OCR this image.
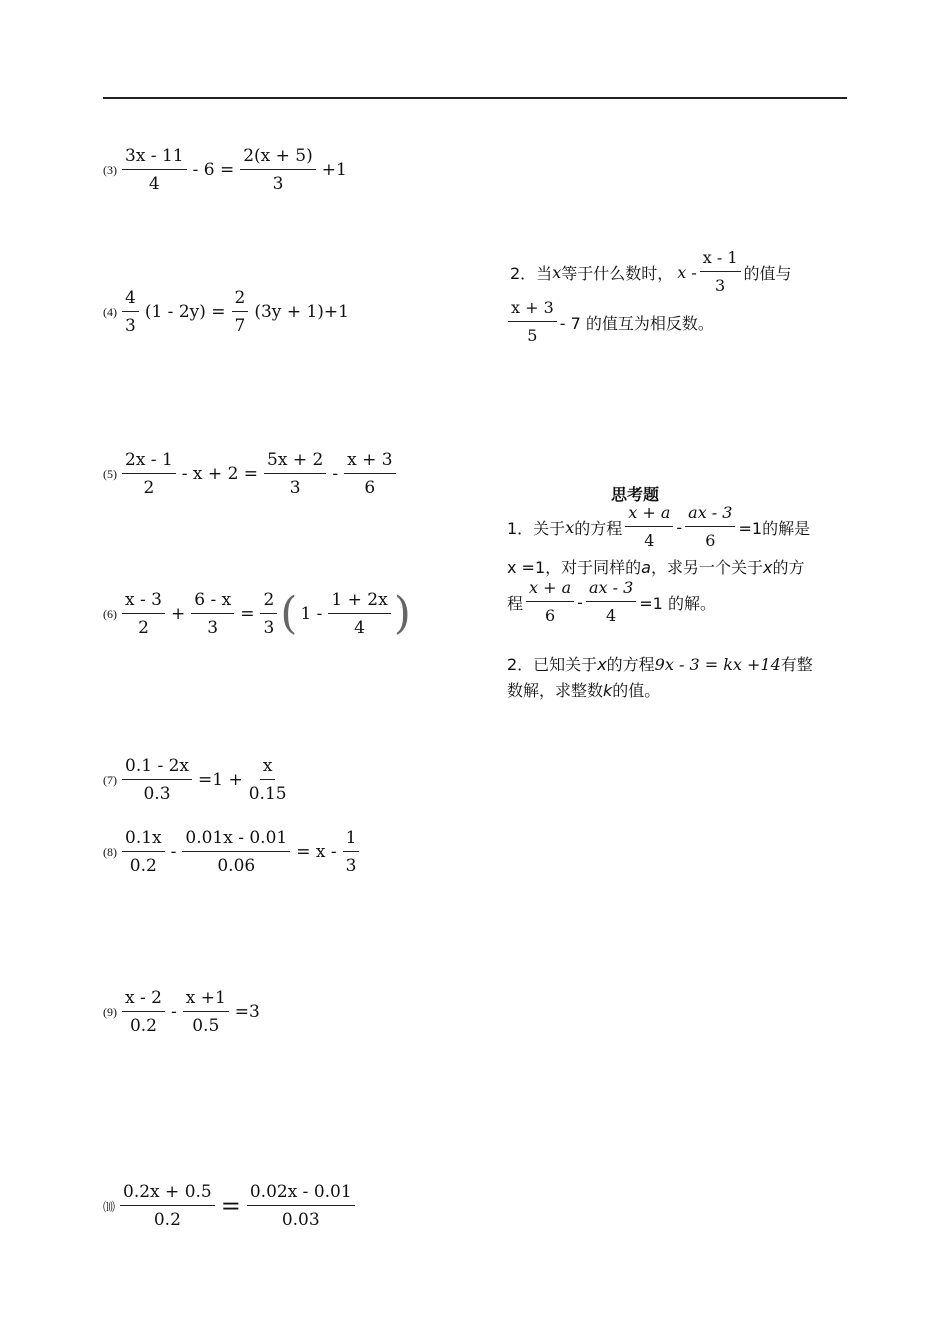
$(3) \frac{3x - 11}{4} - 6 = \frac{2(x + 5)}{3} +1$
$(4) \frac{4}{3} (1 - 2y) = \frac{2}{7} (3y + 1)+1$
$(5) \frac{2x - 1}{2} - x + 2 = \frac{5x + 2}{3} - \frac{x + 3}{6}$
$(6) \frac{x - 3}{2} + \frac{6 - x}{3} = \frac{2}{3}$ ( $1 - \frac{1 + 2x}{4}$ )
$(7) \frac{0.1 - 2x}{0.3} =1 + \frac{x}{0.15}$
$(8) \frac{0.1x}{0.2} - \frac{0.01x - 0.01}{0.06} = x - \frac{1}{3}$
$(9) \frac{x - 2}{0.2} - \frac{x +1}{0.5} =3$
⑽ $\frac{0.2x + 0.5}{0.2} = \frac{0.02x - 0.01}{0.03}$
2．当 x 等于什么数时， x - $\frac{x - 1}{3}$ 的值与
$\frac{x + 3}{5} - 7$ 的值互为相反数。
思考题
1．关于 x 的方程 $\frac{x + a}{4} - \frac{ax - 3}{6} =1$的解是
x =1，对于同样的a，求另一个关于x的方
程 $\frac{x + a}{6} - \frac{ax - 3}{4} =1$ 的解。
2．已知关于x的方程9x - 3 = kx +14有整
数解，求整数k的值。
